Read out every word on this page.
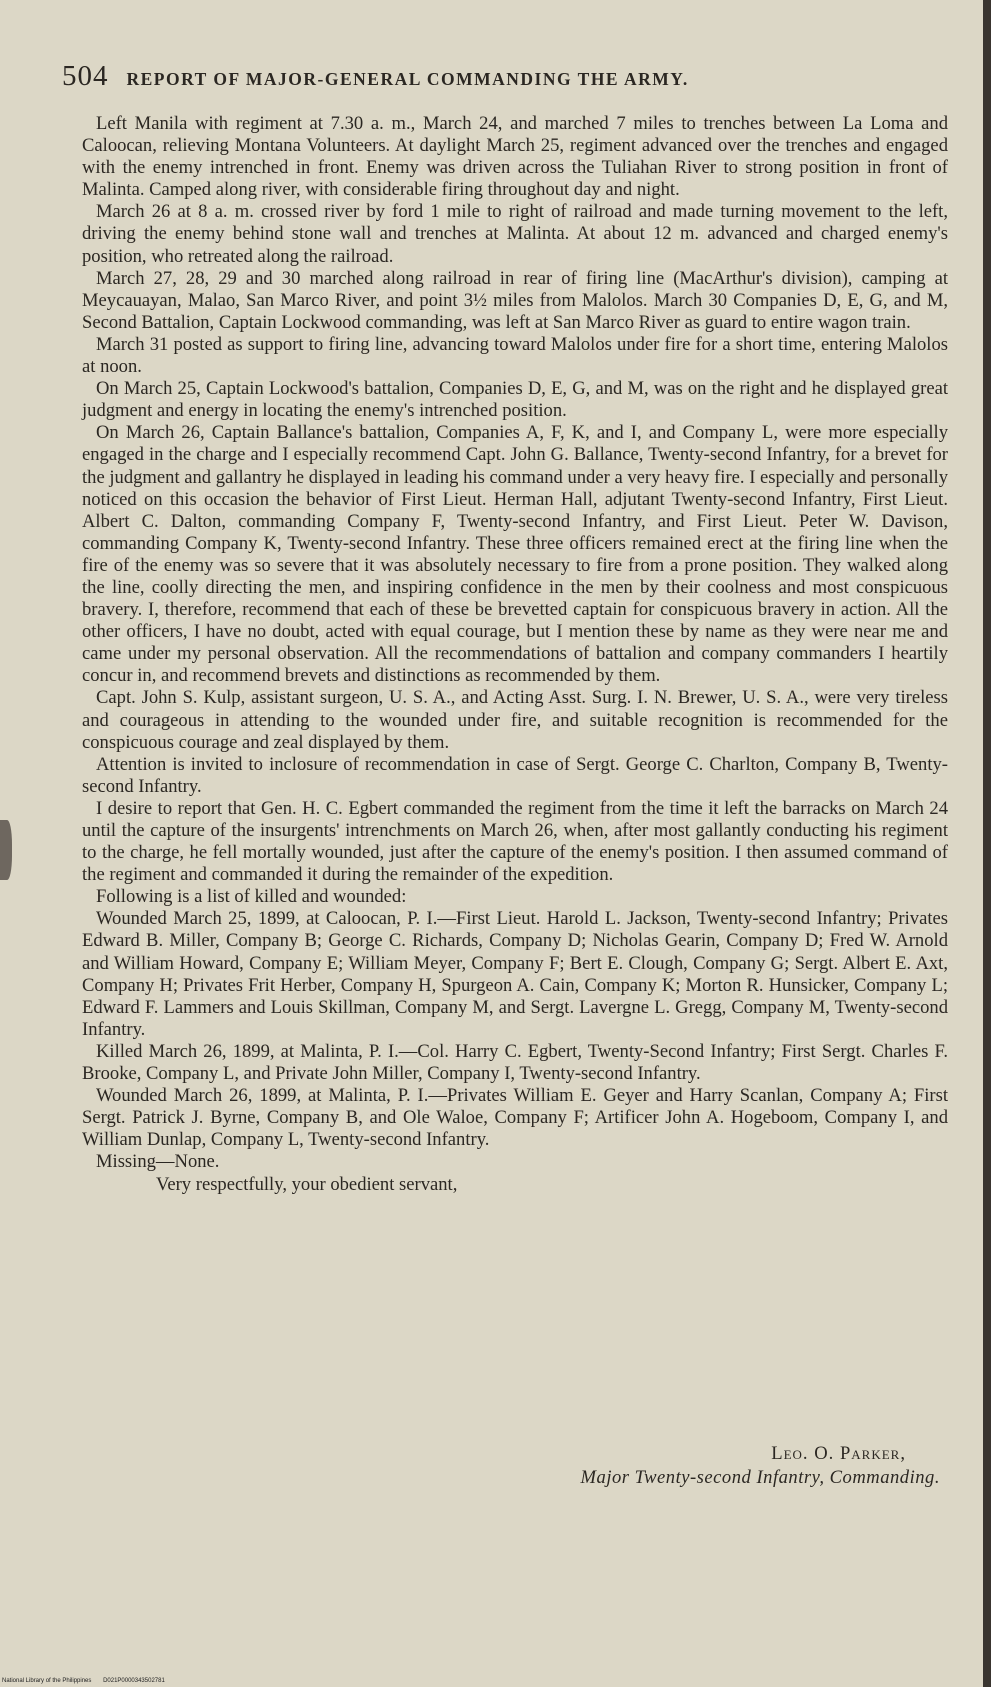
504 REPORT OF MAJOR-GENERAL COMMANDING THE ARMY.

Left Manila with regiment at 7.30 a. m., March 24, and marched 7 miles to trenches between La Loma and Caloocan, relieving Montana Volunteers. At daylight March 25, regiment advanced over the trenches and engaged with the enemy intrenched in front. Enemy was driven across the Tuliahan River to strong position in front of Malinta. Camped along river, with considerable firing throughout day and night.

March 26 at 8 a. m. crossed river by ford 1 mile to right of railroad and made turning movement to the left, driving the enemy behind stone wall and trenches at Malinta. At about 12 m. advanced and charged enemy's position, who retreated along the railroad.

March 27, 28, 29 and 30 marched along railroad in rear of firing line (MacArthur's division), camping at Meycauayan, Malao, San Marco River, and point 3½ miles from Malolos. March 30 Companies D, E, G, and M, Second Battalion, Captain Lockwood commanding, was left at San Marco River as guard to entire wagon train.

March 31 posted as support to firing line, advancing toward Malolos under fire for a short time, entering Malolos at noon.

On March 25, Captain Lockwood's battalion, Companies D, E, G, and M, was on the right and he displayed great judgment and energy in locating the enemy's intrenched position.

On March 26, Captain Ballance's battalion, Companies A, F, K, and I, and Company L, were more especially engaged in the charge and I especially recommend Capt. John G. Ballance, Twenty-second Infantry, for a brevet for the judgment and gallantry he displayed in leading his command under a very heavy fire. I especially and personally noticed on this occasion the behavior of First Lieut. Herman Hall, adjutant Twenty-second Infantry, First Lieut. Albert C. Dalton, commanding Company F, Twenty-second Infantry, and First Lieut. Peter W. Davison, commanding Company K, Twenty-second Infantry. These three officers remained erect at the firing line when the fire of the enemy was so severe that it was absolutely necessary to fire from a prone position. They walked along the line, coolly directing the men, and inspiring confidence in the men by their coolness and most conspicuous bravery. I, therefore, recommend that each of these be brevetted captain for conspicuous bravery in action. All the other officers, I have no doubt, acted with equal courage, but I mention these by name as they were near me and came under my personal observation. All the recommendations of battalion and company commanders I heartily concur in, and recommend brevets and distinctions as recommended by them.

Capt. John S. Kulp, assistant surgeon, U. S. A., and Acting Asst. Surg. I. N. Brewer, U. S. A., were very tireless and courageous in attending to the wounded under fire, and suitable recognition is recommended for the conspicuous courage and zeal displayed by them.

Attention is invited to inclosure of recommendation in case of Sergt. George C. Charlton, Company B, Twenty-second Infantry.

I desire to report that Gen. H. C. Egbert commanded the regiment from the time it left the barracks on March 24 until the capture of the insurgents' intrenchments on March 26, when, after most gallantly conducting his regiment to the charge, he fell mortally wounded, just after the capture of the enemy's position. I then assumed command of the regiment and commanded it during the remainder of the expedition.

Following is a list of killed and wounded:

Wounded March 25, 1899, at Caloocan, P. I.—First Lieut. Harold L. Jackson, Twenty-second Infantry; Privates Edward B. Miller, Company B; George C. Richards, Company D; Nicholas Gearin, Company D; Fred W. Arnold and William Howard, Company E; William Meyer, Company F; Bert E. Clough, Company G; Sergt. Albert E. Axt, Company H; Privates Frit Herber, Company H, Spurgeon A. Cain, Company K; Morton R. Hunsicker, Company L; Edward F. Lammers and Louis Skillman, Company M, and Sergt. Lavergne L. Gregg, Company M, Twenty-second Infantry.

Killed March 26, 1899, at Malinta, P. I.—Col. Harry C. Egbert, Twenty-Second Infantry; First Sergt. Charles F. Brooke, Company L, and Private John Miller, Company I, Twenty-second Infantry.

Wounded March 26, 1899, at Malinta, P. I.—Privates William E. Geyer and Harry Scanlan, Company A; First Sergt. Patrick J. Byrne, Company B, and Ole Waloe, Company F; Artificer John A. Hogeboom, Company I, and William Dunlap, Company L, Twenty-second Infantry.

Missing—None.

Very respectfully, your obedient servant,

Leo. O. Parker,
Major Twenty-second Infantry, Commanding.
National Library of the Philippines D021P0000343502781
